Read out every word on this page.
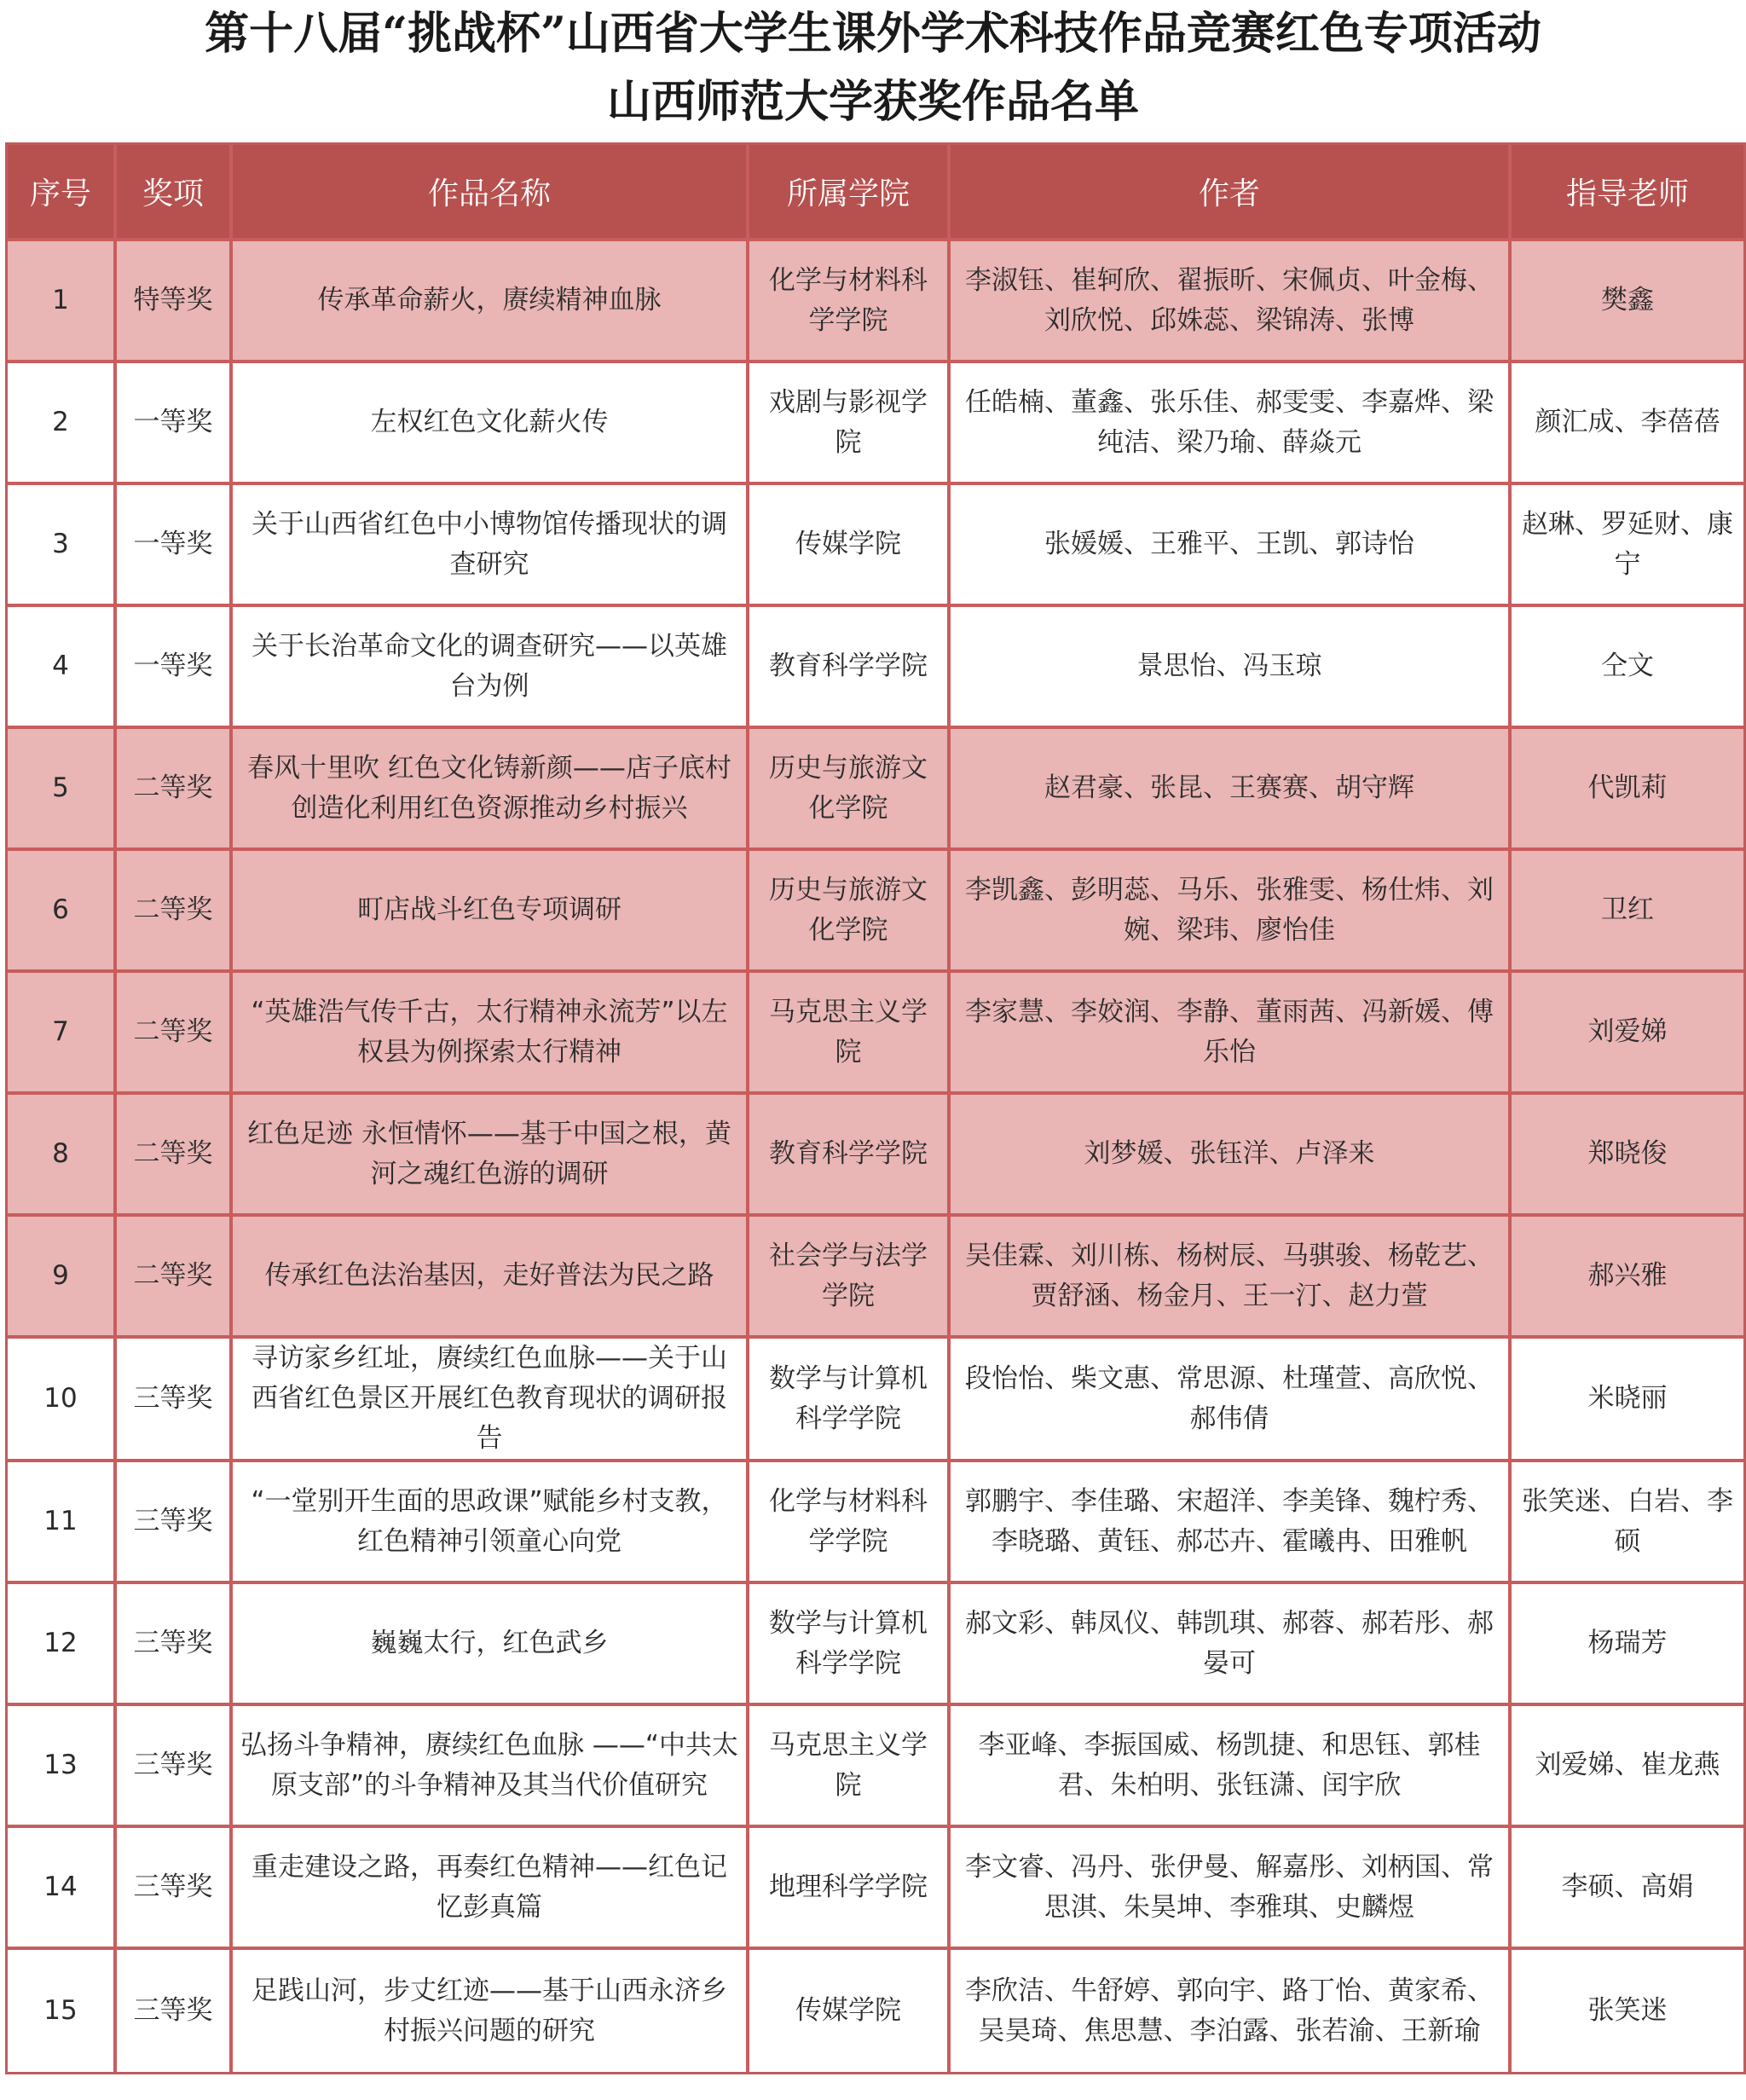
第十八届“挑战杯”山西省大学生课外学术科技作品竞赛红色专项活动
山西师范大学获奖作品名单
序号	奖项	作品名称	所属学院	作者	指导老师
1	特等奖	传承革命薪火，赓续精神血脉	化学与材料科学学院	李淑钰、崔轲欣、翟振昕、宋佩贞、叶金梅、刘欣悦、邱姝蕊、梁锦涛、张博	樊鑫
2	一等奖	左权红色文化薪火传	戏剧与影视学院	任皓楠、董鑫、张乐佳、郝雯雯、李嘉烨、梁纯洁、梁乃瑜、薛焱元	颜汇成、李蓓蓓
3	一等奖	关于山西省红色中小博物馆传播现状的调查研究	传媒学院	张媛媛、王雅平、王凯、郭诗怡	赵琳、罗延财、康宁
4	一等奖	关于长治革命文化的调查研究——以英雄台为例	教育科学学院	景思怡、冯玉琼	仝文
5	二等奖	春风十里吹 红色文化铸新颜——店子底村创造化利用红色资源推动乡村振兴	历史与旅游文化学院	赵君豪、张昆、王赛赛、胡守辉	代凯莉
6	二等奖	町店战斗红色专项调研	历史与旅游文化学院	李凯鑫、彭明蕊、马乐、张雅雯、杨仕炜、刘婉、梁玮、廖怡佳	卫红
7	二等奖	“英雄浩气传千古，太行精神永流芳”以左权县为例探索太行精神	马克思主义学院	李家慧、李姣润、李静、董雨茜、冯新媛、傅乐怡	刘爱娣
8	二等奖	红色足迹 永恒情怀——基于中国之根，黄河之魂红色游的调研	教育科学学院	刘梦媛、张钰洋、卢泽来	郑晓俊
9	二等奖	传承红色法治基因，走好普法为民之路	社会学与法学学院	吴佳霖、刘川栋、杨树辰、马骐骏、杨乾艺、贾舒涵、杨金月、王一汀、赵力萱	郝兴雅
10	三等奖	寻访家乡红址，赓续红色血脉——关于山西省红色景区开展红色教育现状的调研报告	数学与计算机科学学院	段怡怡、柴文惠、常思源、杜瑾萱、高欣悦、郝伟倩	米晓丽
11	三等奖	“一堂别开生面的思政课”赋能乡村支教，红色精神引领童心向党	化学与材料科学学院	郭鹏宇、李佳璐、宋超洋、李美锋、魏柠秀、李晓璐、黄钰、郝芯卉、霍曦冉、田雅帆	张笑迷、白岩、李硕
12	三等奖	巍巍太行，红色武乡	数学与计算机科学学院	郝文彩、韩凤仪、韩凯琪、郝蓉、郝若彤、郝晏可	杨瑞芳
13	三等奖	弘扬斗争精神，赓续红色血脉 ——“中共太原支部”的斗争精神及其当代价值研究	马克思主义学院	李亚峰、李振国威、杨凯捷、和思钰、郭桂君、朱柏明、张钰潇、闰宇欣	刘爱娣、崔龙燕
14	三等奖	重走建设之路，再奏红色精神——红色记忆彭真篇	地理科学学院	李文睿、冯丹、张伊曼、解嘉彤、刘柄国、常思淇、朱昊坤、李雅琪、史麟煜	李硕、高娟
15	三等奖	足践山河，步丈红迹——基于山西永济乡村振兴问题的研究	传媒学院	李欣洁、牛舒婷、郭向宇、路丁怡、黄家希、吴昊琦、焦思慧、李泊露、张若渝、王新瑜	张笑迷
